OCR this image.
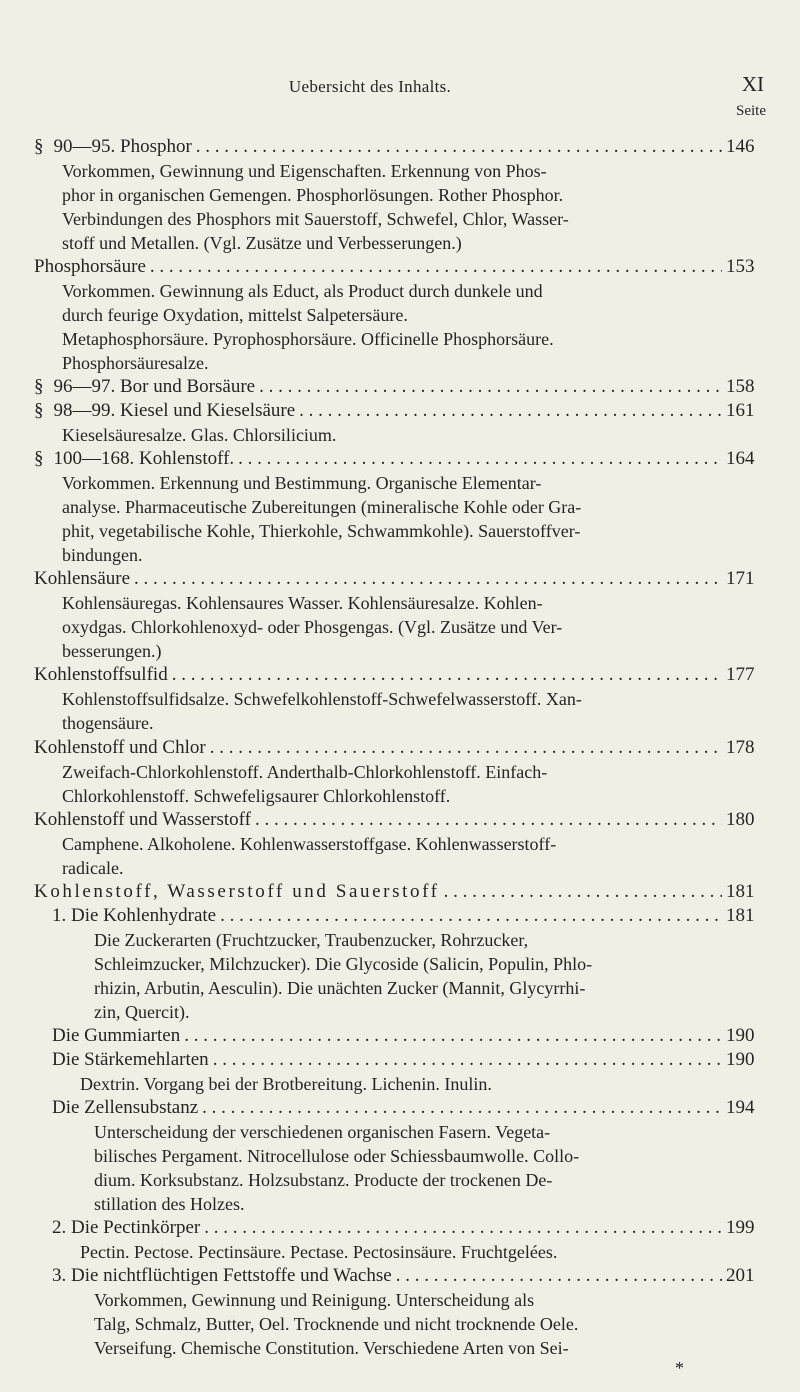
Uebersicht des Inhalts.	XI
Seite
§ 90—95. Phosphor . . .	146
Vorkommen, Gewinnung und Eigenschaften. Erkennung von Phos-
phor in organischen Gemengen. Phosphorlösungen. Rother Phosphor.
Verbindungen des Phosphors mit Sauerstoff, Schwefel, Chlor, Wasser-
stoff und Metallen. (Vgl. Zusätze und Verbesserungen.)
Phosphorsäure . . .	153
Vorkommen. Gewinnung als Educt, als Product durch dunkele und
durch feurige Oxydation, mittelst Salpetersäure.
Metaphosphorsäure. Pyrophosphorsäure. Officinelle Phosphorsäure.
Phosphorsäuresalze.
§ 96—97. Bor und Borsäure . . .	158
§ 98—99. Kiesel und Kieselsäure . . .	161
Kieselsäuresalze. Glas. Chlorsilicium.
§ 100—168. Kohlenstoff. . . .	164
Vorkommen. Erkennung und Bestimmung. Organische Elementar-
analyse. Pharmaceutische Zubereitungen (mineralische Kohle oder Gra-
phit, vegetabilische Kohle, Thierkohle, Schwammkohle). Sauerstoffver-
bindungen.
Kohlensäure . . .	171
Kohlensäuregas. Kohlensaures Wasser. Kohlensäuresalze. Kohlen-
oxydgas. Chlorkohlenoxyd- oder Phosgengas. (Vgl. Zusätze und Ver-
besserungen.)
Kohlenstoffsulfid . . .	177
Kohlenstoffsulfidsalze. Schwefelkohlenstoff-Schwefelwasserstoff. Xan-
thogensäure.
Kohlenstoff und Chlor . . .	178
Zweifach-Chlorkohlenstoff. Anderthalb-Chlorkohlenstoff. Einfach-
Chlorkohlenstoff. Schwefeligsaurer Chlorkohlenstoff.
Kohlenstoff und Wasserstoff . . .	180
Camphene. Alkoholene. Kohlenwasserstoffgase. Kohlenwasserstoff-
radicale.
Kohlenstoff, Wasserstoff und Sauerstoff . . .	181
1. Die Kohlenhydrate . . .	181
Die Zuckerarten (Fruchtzucker, Traubenzucker, Rohrzucker,
Schleimzucker, Milchzucker). Die Glycoside (Salicin, Populin, Phlo-
rhizin, Arbutin, Aesculin). Die unächten Zucker (Mannit, Glycyrrhi-
zin, Quercit).
Die Gummiarten . . .	190
Die Stärkemehlarten . . .	190
Dextrin. Vorgang bei der Brotbereitung. Lichenin. Inulin.
Die Zellensubstanz . . .	194
Unterscheidung der verschiedenen organischen Fasern. Vegeta-
bilisches Pergament. Nitrocellulose oder Schiessbaumwolle. Collo-
dium. Korksubstanz. Holzsubstanz. Producte der trockenen De-
stillation des Holzes.
2. Die Pectinkörper . . .	199
Pectin. Pectose. Pectinsäure. Pectase. Pectosinsäure. Fruchtgelées.
3. Die nichtflüchtigen Fettstoffe und Wachse . . .	201
Vorkommen, Gewinnung und Reinigung. Unterscheidung als
Talg, Schmalz, Butter, Oel. Trocknende und nicht trocknende Oele.
Verseifung. Chemische Constitution. Verschiedene Arten von Sei-
*
